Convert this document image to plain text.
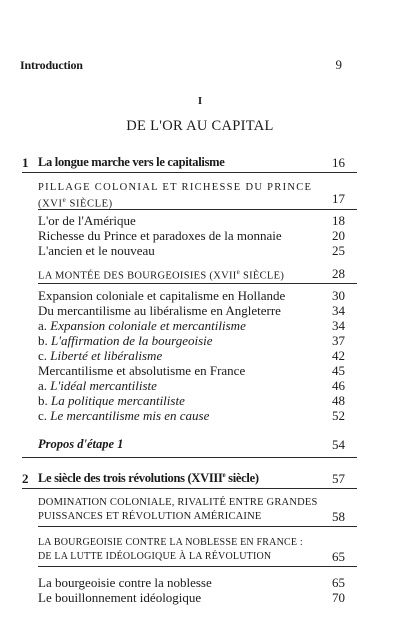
Introduction	9
I
DE L'OR AU CAPITAL
1 La longue marche vers le capitalisme	16
PILLAGE COLONIAL ET RICHESSE DU PRINCE
(XVIe SIÈCLE)	17
L'or de l'Amérique	18
Richesse du Prince et paradoxes de la monnaie	20
L'ancien et le nouveau	25
LA MONTÉE DES BOURGEOISIES (XVIIe SIÈCLE)	28
Expansion coloniale et capitalisme en Hollande	30
Du mercantilisme au libéralisme en Angleterre	34
a. Expansion coloniale et mercantilisme	34
b. L'affirmation de la bourgeoisie	37
c. Liberté et libéralisme	42
Mercantilisme et absolutisme en France	45
a. L'idéal mercantiliste	46
b. La politique mercantiliste	48
c. Le mercantilisme mis en cause	52
Propos d'étape 1	54
2 Le siècle des trois révolutions (XVIIIe siècle)	57
DOMINATION COLONIALE, RIVALITÉ ENTRE GRANDES
PUISSANCES ET RÉVOLUTION AMÉRICAINE	58
LA BOURGEOISIE CONTRE LA NOBLESSE EN FRANCE :
DE LA LUTTE IDÉOLOGIQUE À LA RÉVOLUTION	65
La bourgeoisie contre la noblesse	65
Le bouillonnement idéologique	70
